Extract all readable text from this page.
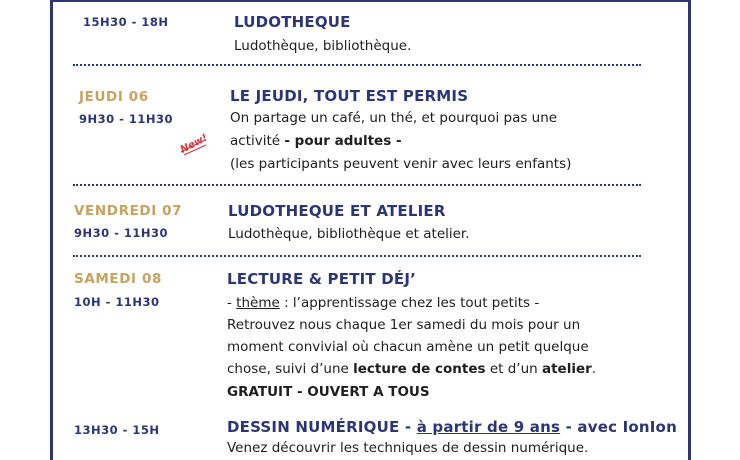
15H30 - 18H	LUDOTHEQUE
Ludothèque, bibliothèque.
JEUDI 06
9H30 - 11H30
LE JEUDI, TOUT EST PERMIS
On partage un café, un thé, et pourquoi pas une
activité - pour adultes -
(les participants peuvent venir avec leurs enfants)
New!
VENDREDI 07
9H30 - 11H30
LUDOTHEQUE ET ATELIER
Ludothèque, bibliothèque et atelier.
SAMEDI 08
10H - 11H30
LECTURE & PETIT DÉJ’
- thème : l’apprentissage chez les tout petits -
Retrouvez nous chaque 1er samedi du mois pour un
moment convivial où chacun amène un petit quelque
chose, suivi d’une lecture de contes et d’un atelier.
GRATUIT - OUVERT A TOUS
13H30 - 15H	DESSIN NUMÉRIQUE - à partir de 9 ans - avec IonIon
Venez découvrir les techniques de dessin numérique.
